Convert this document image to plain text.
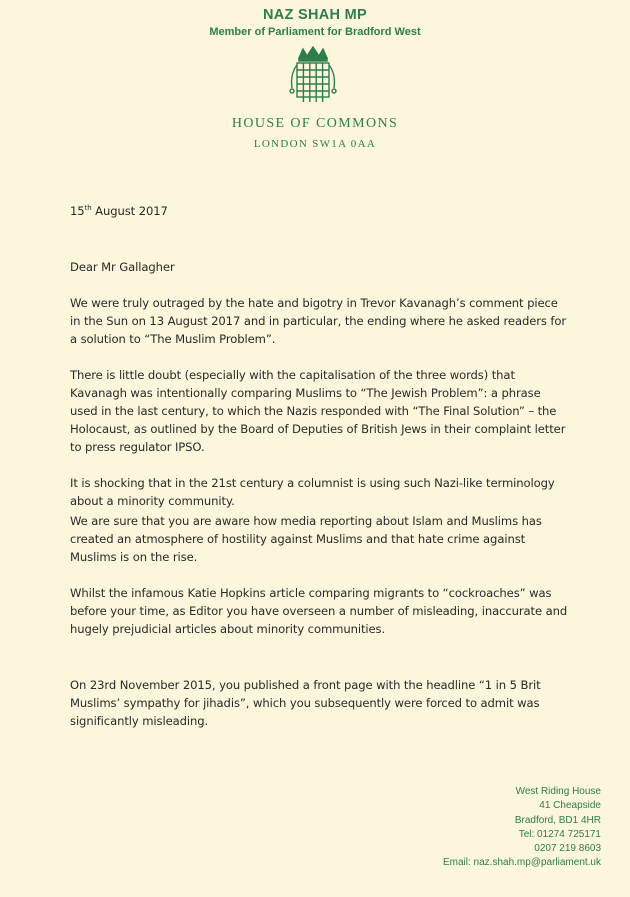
NAZ SHAH MP
Member of Parliament for Bradford West
HOUSE OF COMMONS
LONDON SW1A 0AA
15th August 2017
Dear Mr Gallagher
We were truly outraged by the hate and bigotry in Trevor Kavanagh’s comment piece in the Sun on 13 August 2017 and in particular, the ending where he asked readers for a solution to “The Muslim Problem”.
There is little doubt (especially with the capitalisation of the three words) that Kavanagh was intentionally comparing Muslims to “The Jewish Problem”: a phrase used in the last century, to which the Nazis responded with “The Final Solution” – the Holocaust, as outlined by the Board of Deputies of British Jews in their complaint letter to press regulator IPSO.
It is shocking that in the 21st century a columnist is using such Nazi-like terminology about a minority community.
We are sure that you are aware how media reporting about Islam and Muslims has created an atmosphere of hostility against Muslims and that hate crime against Muslims is on the rise.
Whilst the infamous Katie Hopkins article comparing migrants to “cockroaches” was before your time, as Editor you have overseen a number of misleading, inaccurate and hugely prejudicial articles about minority communities.
On 23rd November 2015, you published a front page with the headline “1 in 5 Brit Muslims’ sympathy for jihadis”, which you subsequently were forced to admit was significantly misleading.
West Riding House
41 Cheapside
Bradford, BD1 4HR
Tel: 01274 725171
0207 219 8603
Email: naz.shah.mp@parliament.uk
